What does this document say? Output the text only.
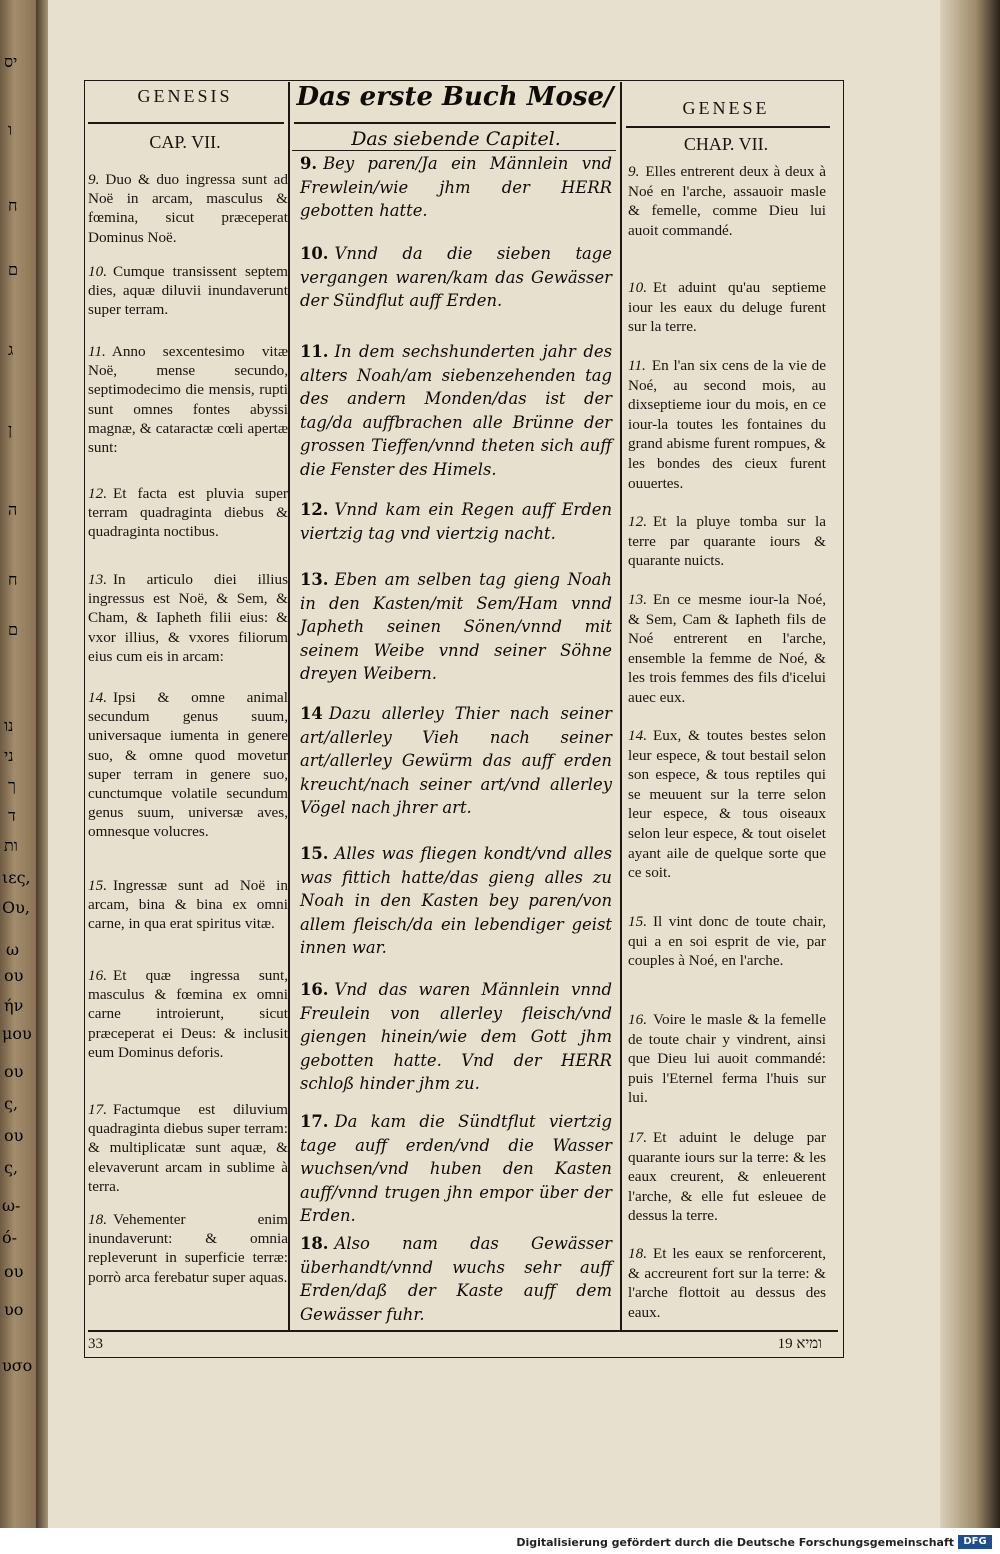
GENESIS	Das erste Buch Mose/	GENESE
CAP. VII.	Das siebende Capitel.	CHAP. VII.
9. Duo & duo ingressa sunt ad Noë in arcam, masculus & fœmina, sicut præceperat Dominus Noë.
10. Cumque transissent septem dies, aquæ diluvii inundaverunt super terram.
11. Anno sexcentesimo vitæ Noë, mense secundo, septimodecimo die mensis, rupti sunt omnes fontes abyssi magnæ, & cataractæ cœli apertæ sunt:
12. Et facta est pluvia super terram quadraginta diebus & quadraginta noctibus.
13. In articulo diei illius ingressus est Noë, & Sem, & Cham, & Iapheth filii eius: & vxor illius, & vxores filiorum eius cum eis in arcam:
14. Ipsi & omne animal secundum genus suum, universaque iumenta in genere suo, & omne quod movetur super terram in genere suo, cunctumque volatile secundum genus suum, universæ aves, omnesque volucres.
15. Ingressæ sunt ad Noë in arcam, bina & bina ex omni carne, in qua erat spiritus vitæ.
16. Et quæ ingressa sunt, masculus & fœmina ex omni carne introierunt, sicut præceperat ei Deus: & inclusit eum Dominus deforis.
17. Factumque est diluvium quadraginta diebus super terram: & multiplicatæ sunt aquæ, & elevaverunt arcam in sublime à terra.
18. Vehementer enim inundaverunt: & omnia repleverunt in superficie terræ: porrò arca ferebatur super aquas.
9. Bey paren/Ja ein Männlein vnd Frewlein/wie jhm der HERR gebotten hatte.
10. Vnnd da die sieben tage vergangen waren/kam das Gewässer der Sündflut auff Erden.
11. In dem sechshunderten jahr des alters Noah/am siebenzehenden tag des andern Monden/das ist der tag/da auffbrachen alle Brünne der grossen Tieffen/vnnd theten sich auff die Fenster des Himels.
12. Vnnd kam ein Regen auff Erden viertzig tag vnd viertzig nacht.
13. Eben am selben tag gieng Noah in den Kasten/mit Sem/Ham vnnd Japheth seinen Sönen/vnnd mit seinem Weibe vnnd seiner Söhne dreyen Weibern.
14 Dazu allerley Thier nach seiner art/allerley Vieh nach seiner art/allerley Gewürm das auff erden kreucht/nach seiner art/vnd allerley Vögel nach jhrer art.
15. Alles was fliegen kondt/vnd alles was fittich hatte/das gieng alles zu Noah in den Kasten bey paren/von allem fleisch/da ein lebendiger geist innen war.
16. Vnd das waren Männlein vnnd Freulein von allerley fleisch/vnd giengen hinein/wie dem Gott jhm gebotten hatte. Vnd der HERR schloß hinder jhm zu.
17. Da kam die Sündtflut viertzig tage auff erden/vnd die Wasser wuchsen/vnd huben den Kasten auff/vnnd trugen jhn empor über der Erden.
18. Also nam das Gewässer überhandt/vnnd wuchs sehr auff Erden/daß der Kaste auff dem Gewässer fuhr.
9. Elles entrerent deux à deux à Noé en l'arche, assauoir masle & femelle, comme Dieu lui auoit commandé.
10. Et aduint qu'au septieme iour les eaux du deluge furent sur la terre.
11. En l'an six cens de la vie de Noé, au second mois, au dixseptieme iour du mois, en ce iour-la toutes les fontaines du grand abisme furent rompues, & les bondes des cieux furent ouuertes.
12. Et la pluye tomba sur la terre par quarante iours & quarante nuicts.
13. En ce mesme iour-la Noé, & Sem, Cam & Iapheth fils de Noé entrerent en l'arche, ensemble la femme de Noé, & les trois femmes des fils d'icelui auec eux.
14. Eux, & toutes bestes selon leur espece, & tout bestail selon son espece, & tous reptiles qui se meuuent sur la terre selon leur espece, & tous oiseaux selon leur espece, & tout oiselet ayant aile de quelque sorte que ce soit.
15. Il vint donc de toute chair, qui a en soi esprit de vie, par couples à Noé, en l'arche.
16. Voire le masle & la femelle de toute chair y vindrent, ainsi que Dieu lui auoit commandé: puis l'Eternel ferma l'huis sur lui.
17. Et aduint le deluge par quarante iours sur la terre: & les eaux creurent, & enleuerent l'arche, & elle fut esleuee de dessus la terre.
18. Et les eaux se renforcerent, & accreurent fort sur la terre: & l'arche flottoit au dessus des eaux.
33	ומיא 19
יס
ו
ח
ם
ג
ן
ה
ח
ם
נו
ני
ך
ד
ות
ιες,
Ου,
ω
ου
ήν
μου
ου
ς,
ου
ς,
ω-
ό-
ου
υο
υσο
Digitalisierung gefördert durch die Deutsche Forschungsgemeinschaft DFG
